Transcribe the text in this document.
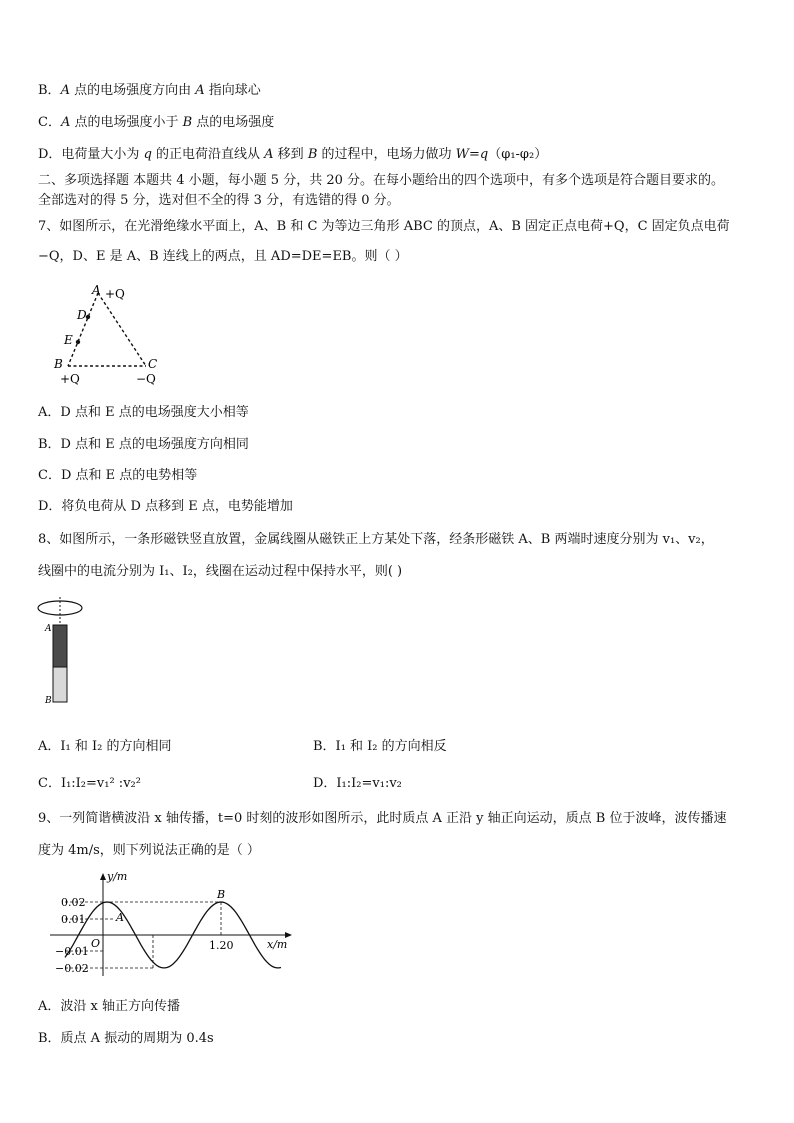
B．A 点的电场强度方向由 A 指向球心
C．A 点的电场强度小于 B 点的电场强度
D．电荷量大小为 q 的正电荷沿直线从 A 移到 B 的过程中，电场力做功 W=q（φ₁-φ₂）
二、多项选择题 本题共 4 小题，每小题 5 分，共 20 分。在每小题给出的四个选项中，有多个选项是符合题目要求的。
全部选对的得 5 分，选对但不全的得 3 分，有选错的得 0 分。
7、如图所示，在光滑绝缘水平面上，A、B 和 C 为等边三角形 ABC 的顶点，A、B 固定正点电荷+Q，C 固定负点电荷
−Q，D、E 是 A、B 连线上的两点，且 AD=DE=EB。则（ ）
A +Q
D
E
B	C
+Q	−Q
A．D 点和 E 点的电场强度大小相等
B．D 点和 E 点的电场强度方向相同
C．D 点和 E 点的电势相等
D．将负电荷从 D 点移到 E 点，电势能增加
8、如图所示，一条形磁铁竖直放置，金属线圈从磁铁正上方某处下落，经条形磁铁 A、B 两端时速度分别为 v₁、v₂，
线圈中的电流分别为 I₁、I₂，线圈在运动过程中保持水平，则( )
A
B
A．I₁ 和 I₂ 的方向相同	B．I₁ 和 I₂ 的方向相反
C．I₁:I₂=v₁² :v₂²	D．I₁:I₂=v₁:v₂
9、一列简谐横波沿 x 轴传播，t=0 时刻的波形如图所示，此时质点 A 正沿 y 轴正向运动，质点 B 位于波峰，波传播速
度为 4m/s，则下列说法正确的是（ ）
y/m
x/m
0.02
0.01
−0.01
−0.02
1.20
O
A
B
A．波沿 x 轴正方向传播
B．质点 A 振动的周期为 0.4s
